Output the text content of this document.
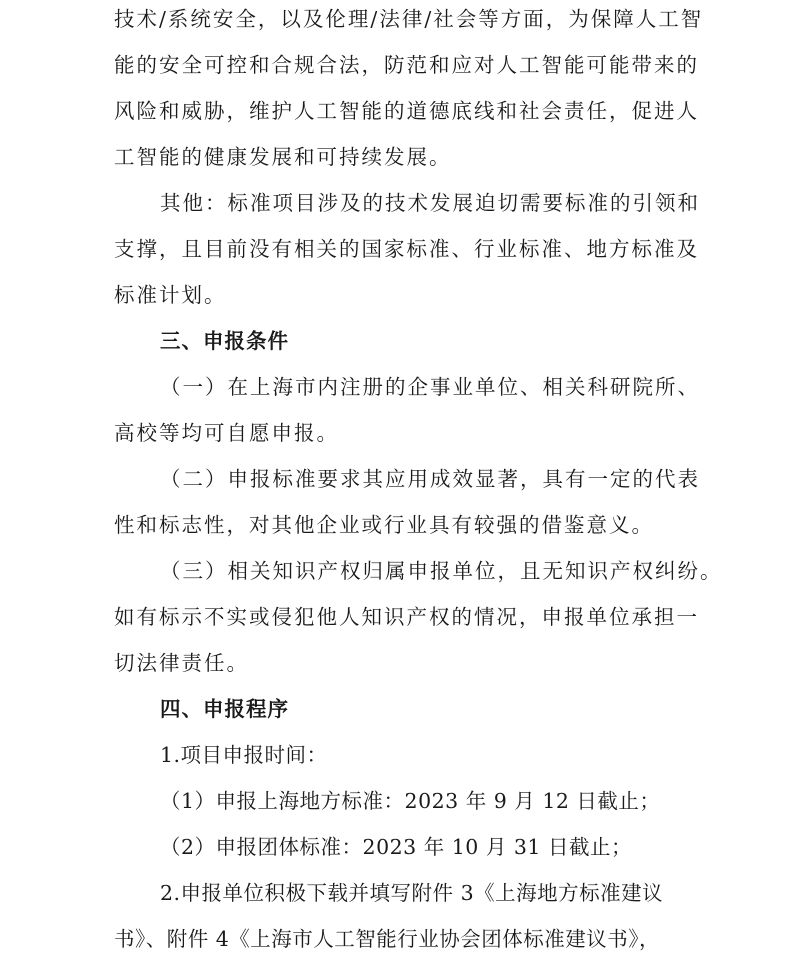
技术/系统安全，以及伦理/法律/社会等方面，为保障人工智
能的安全可控和合规合法，防范和应对人工智能可能带来的
风险和威胁，维护人工智能的道德底线和社会责任，促进人
工智能的健康发展和可持续发展。
其他：标准项目涉及的技术发展迫切需要标准的引领和
支撑，且目前没有相关的国家标准、行业标准、地方标准及
标准计划。
三、申报条件
（一）在上海市内注册的企事业单位、相关科研院所、
高校等均可自愿申报。
（二）申报标准要求其应用成效显著，具有一定的代表
性和标志性，对其他企业或行业具有较强的借鉴意义。
（三）相关知识产权归属申报单位，且无知识产权纠纷。
如有标示不实或侵犯他人知识产权的情况，申报单位承担一
切法律责任。
四、申报程序
1.项目申报时间：
（1）申报上海地方标准：2023 年 9 月 12 日截止；
（2）申报团体标准：2023 年 10 月 31 日截止；
2.申报单位积极下载并填写附件 3《上海地方标准建议
书》、附件 4《上海市人工智能行业协会团体标准建议书》，
